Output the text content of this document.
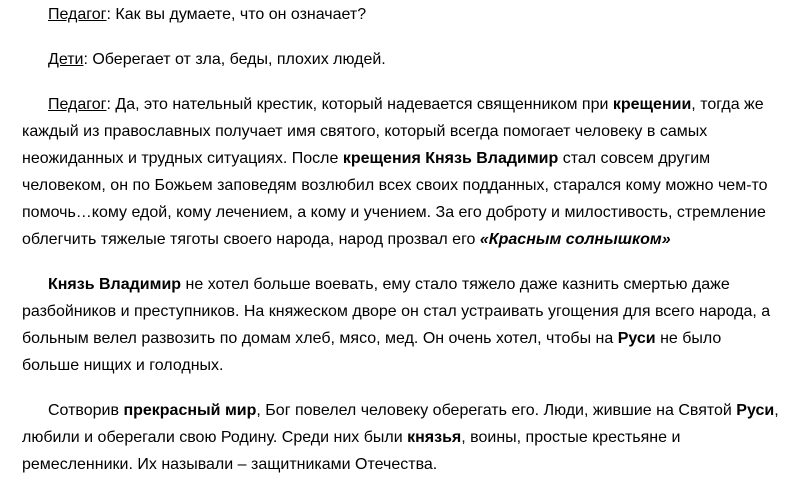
Педагог: Как вы думаете, что он означает?

Дети: Оберегает от зла, беды, плохих людей.

Педагог: Да, это нательный крестик, который надевается священником при крещении, тогда же каждый из православных получает имя святого, который всегда помогает человеку в самых неожиданных и трудных ситуациях. После крещения Князь Владимир стал совсем другим человеком, он по Божьем заповедям возлюбил всех своих подданных, старался кому можно чем-то помочь…кому едой, кому лечением, а кому и учением. За его доброту и милостивость, стремление облегчить тяжелые тяготы своего народа, народ прозвал его «Красным солнышком»

Князь Владимир не хотел больше воевать, ему стало тяжело даже казнить смертью даже разбойников и преступников. На княжеском дворе он стал устраивать угощения для всего народа, а больным велел развозить по домам хлеб, мясо, мед. Он очень хотел, чтобы на Руси не было больше нищих и голодных.

Сотворив прекрасный мир, Бог повелел человеку оберегать его. Люди, жившие на Святой Руси, любили и оберегали свою Родину. Среди них были князья, воины, простые крестьяне и ремесленники. Их называли – защитниками Отечества.
